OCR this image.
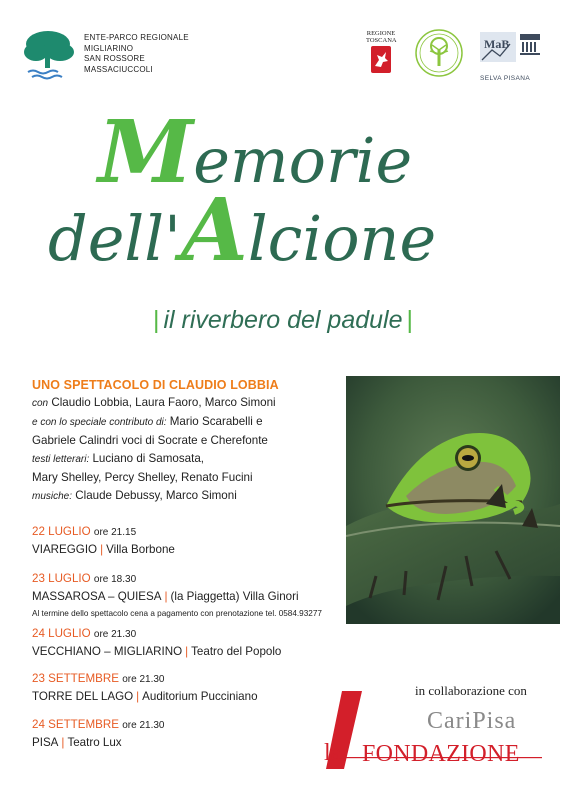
ENTE-PARCO REGIONALE
MIGLIARINO
SAN ROSSORE
MASSACIUCCOLI
REGIONE
TOSCANA	MaB
SELVA PISANA
Memorie
dell'Alcione
| il riverbero del padule |
UNO SPETTACOLO DI CLAUDIO LOBBIA
con Claudio Lobbia, Laura Faoro, Marco Simoni
e con lo speciale contributo di: Mario Scarabelli e
Gabriele Calindri voci di Socrate e Cherefonte
testi letterari: Luciano di Samosata,
Mary Shelley, Percy Shelley, Renato Fucini
musiche: Claude Debussy, Marco Simoni
22 LUGLIO ore 21.15
VIAREGGIO | Villa Borbone
23 LUGLIO ore 18.30
MASSAROSA – QUIESA | (la Piaggetta) Villa Ginori
Al termine dello spettacolo cena a pagamento con prenotazione tel. 0584.93277
24 LUGLIO ore 21.30
VECCHIANO – MIGLIARINO | Teatro del Popolo
23 SETTEMBRE ore 21.30
TORRE DEL LAGO | Auditorium Pucciniano
24 SETTEMBRE ore 21.30
PISA | Teatro Lux
in collaborazione con
CariPisa
la FONDAZIONE
